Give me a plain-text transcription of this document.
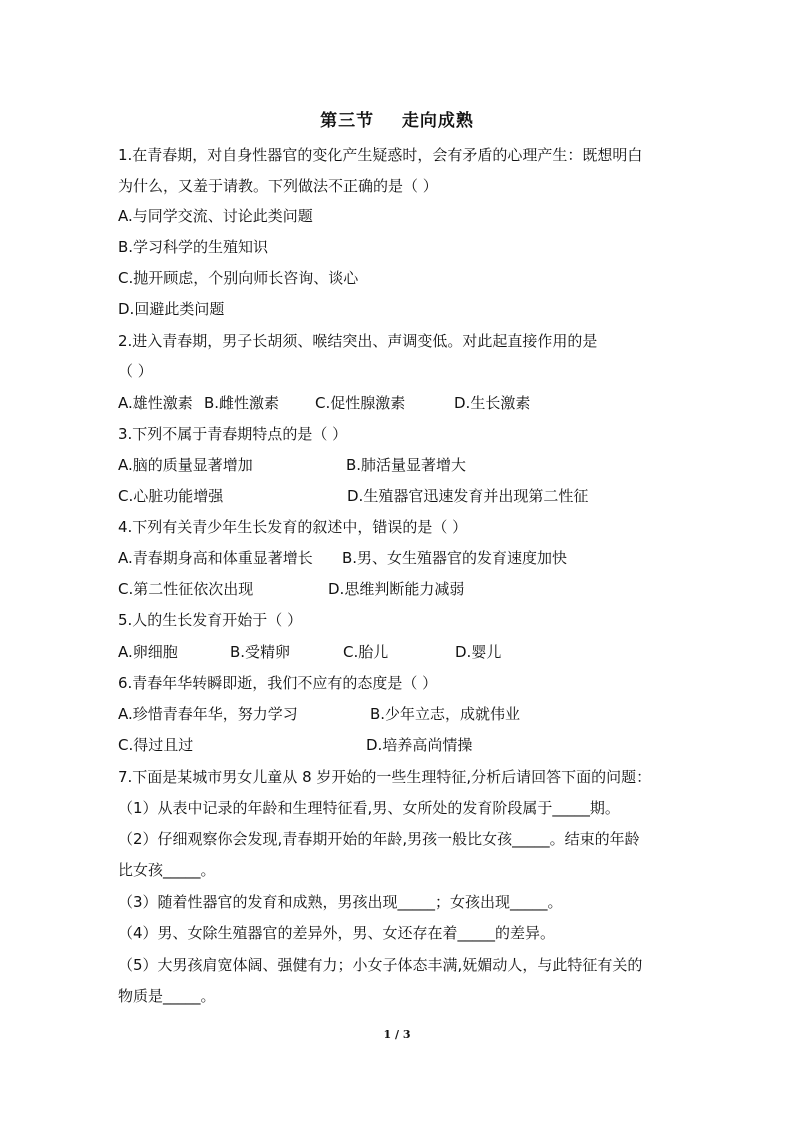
第三节    走向成熟
1.在青春期，对自身性器官的变化产生疑惑时，会有矛盾的心理产生：既想明白
为什么，又羞于请教。下列做法不正确的是（ ）
A.与同学交流、讨论此类问题
B.学习科学的生殖知识
C.抛开顾虑，个别向师长咨询、谈心
D.回避此类问题
2.进入青春期，男子长胡须、喉结突出、声调变低。对此起直接作用的是
（ ）
A.雄性激素 B.雌性激素	C.促性腺激素	D.生长激素
3.下列不属于青春期特点的是（ ）
A.脑的质量显著增加	B.肺活量显著增大
C.心脏功能增强	D.生殖器官迅速发育并出现第二性征
4.下列有关青少年生长发育的叙述中，错误的是（ ）
A.青春期身高和体重显著增长	B.男、女生殖器官的发育速度加快
C.第二性征依次出现	D.思维判断能力减弱
5.人的生长发育开始于（ ）
A.卵细胞	B.受精卵	C.胎儿	D.婴儿
6.青春年华转瞬即逝，我们不应有的态度是（ ）
A.珍惜青春年华，努力学习	B.少年立志，成就伟业
C.得过且过	D.培养高尚情操
7.下面是某城市男女儿童从 8 岁开始的一些生理特征,分析后请回答下面的问题：
（1）从表中记录的年龄和生理特征看,男、女所处的发育阶段属于_____期。
（2）仔细观察你会发现,青春期开始的年龄,男孩一般比女孩_____。结束的年龄
比女孩_____。
（3）随着性器官的发育和成熟，男孩出现_____；女孩出现_____。
（4）男、女除生殖器官的差异外，男、女还存在着_____的差异。
（5）大男孩肩宽体阔、强健有力；小女子体态丰满,妩媚动人，与此特征有关的
物质是_____。
1 / 3
